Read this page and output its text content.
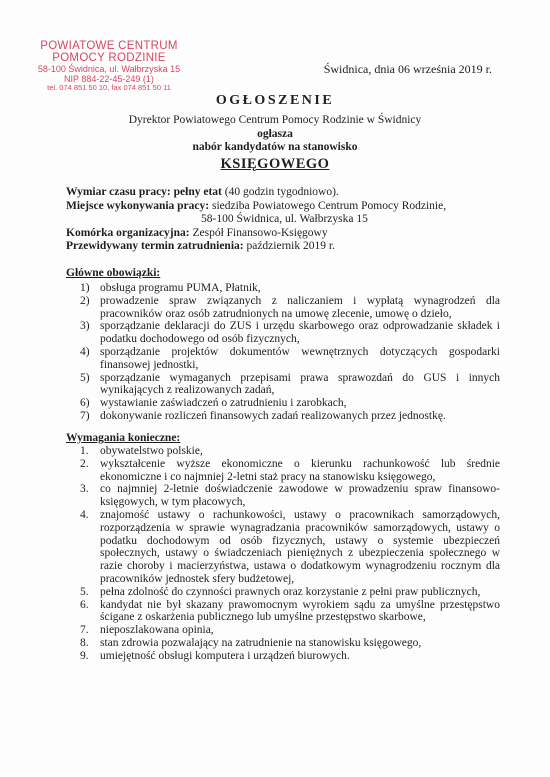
POWIATOWE CENTRUM
POMOCY RODZINIE
58-100 Świdnica, ul. Wałbrzyska 15
NIP 884-22-45-249 (1)
tel. 074 851 50 10, fax 074 851 50 11
Świdnica, dnia 06 września 2019 r.
OGŁOSZENIE
Dyrektor Powiatowego Centrum Pomocy Rodzinie w Świdnicy
ogłasza
nabór kandydatów na stanowisko
KSIĘGOWEGO
Wymiar czasu pracy: pełny etat (40 godzin tygodniowo).
Miejsce wykonywania pracy: siedziba Powiatowego Centrum Pomocy Rodzinie,
58-100 Świdnica, ul. Wałbrzyska 15
Komórka organizacyjna: Zespół Finansowo-Księgowy
Przewidywany termin zatrudnienia: październik 2019 r.
Główne obowiązki:
1) obsługa programu PUMA, Płatnik,
2) prowadzenie spraw związanych z naliczaniem i wypłatą wynagrodzeń dla pracowników oraz osób zatrudnionych na umowę zlecenie, umowę o dzieło,
3) sporządzanie deklaracji do ZUS i urzędu skarbowego oraz odprowadzanie składek i podatku dochodowego od osób fizycznych,
4) sporządzanie projektów dokumentów wewnętrznych dotyczących gospodarki finansowej jednostki,
5) sporządzanie wymaganych przepisami prawa sprawozdań do GUS i innych wynikających z realizowanych zadań,
6) wystawianie zaświadczeń o zatrudnieniu i zarobkach,
7) dokonywanie rozliczeń finansowych zadań realizowanych przez jednostkę.
Wymagania konieczne:
1. obywatelstwo polskie,
2. wykształcenie wyższe ekonomiczne o kierunku rachunkowość lub średnie ekonomiczne i co najmniej 2-letni staż pracy na stanowisku księgowego,
3. co najmniej 2-letnie doświadczenie zawodowe w prowadzeniu spraw finansowo-księgowych, w tym płacowych,
4. znajomość ustawy o rachunkowości, ustawy o pracownikach samorządowych, rozporządzenia w sprawie wynagradzania pracowników samorządowych, ustawy o podatku dochodowym od osób fizycznych, ustawy o systemie ubezpieczeń społecznych, ustawy o świadczeniach pieniężnych z ubezpieczenia społecznego w razie choroby i macierzyństwa, ustawa o dodatkowym wynagrodzeniu rocznym dla pracowników jednostek sfery budżetowej,
5. pełna zdolność do czynności prawnych oraz korzystanie z pełni praw publicznych,
6. kandydat nie był skazany prawomocnym wyrokiem sądu za umyślne przestępstwo ścigane z oskarżenia publicznego lub umyślne przestępstwo skarbowe,
7. nieposzlakowana opinia,
8. stan zdrowia pozwalający na zatrudnienie na stanowisku księgowego,
9. umiejętność obsługi komputera i urządzeń biurowych.
